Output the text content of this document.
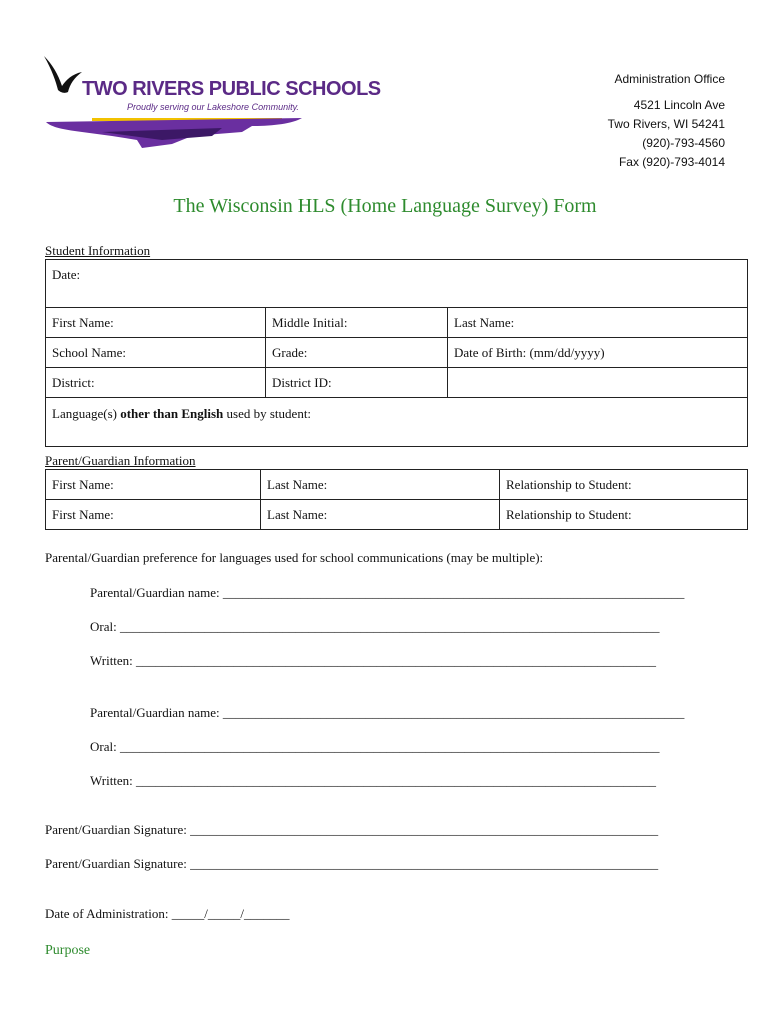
TWO RIVERS PUBLIC SCHOOLS
Proudly serving our Lakeshore Community.
Administration Office
4521 Lincoln Ave
Two Rivers, WI 54241
(920)-793-4560
Fax (920)-793-4014
The Wisconsin HLS (Home Language Survey) Form
Student Information
Date:		
First Name:	Middle Initial:	Last Name:
School Name:	Grade:	Date of Birth: (mm/dd/yyyy)
District:	District ID:	
Language(s) other than English used by student:		
Parent/Guardian Information
First Name:	Last Name:	Relationship to Student:
First Name:	Last Name:	Relationship to Student:
Parental/Guardian preference for languages used for school communications (may be multiple):
Parental/Guardian name: _______________________________________________________________________
Oral: ___________________________________________________________________________________
Written: ________________________________________________________________________________
Parental/Guardian name: _______________________________________________________________________
Oral: ___________________________________________________________________________________
Written: ________________________________________________________________________________
Parent/Guardian Signature: ________________________________________________________________________
Parent/Guardian Signature: ________________________________________________________________________
Date of Administration: _____/_____/_______
Purpose
